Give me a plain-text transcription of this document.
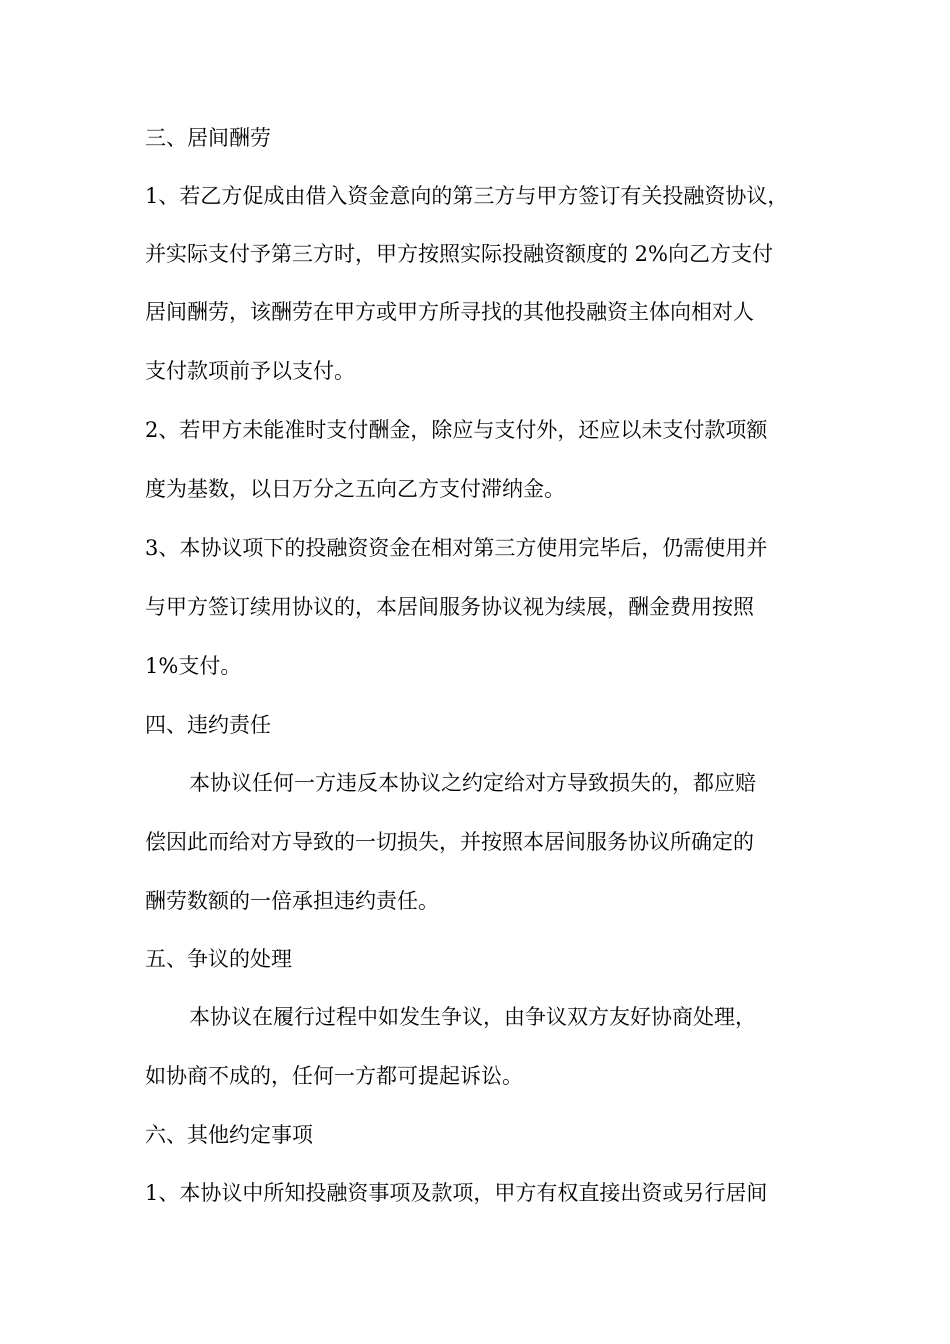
三、居间酬劳
1、若乙方促成由借入资金意向的第三方与甲方签订有关投融资协议，
并实际支付予第三方时，甲方按照实际投融资额度的 2%向乙方支付
居间酬劳，该酬劳在甲方或甲方所寻找的其他投融资主体向相对人
支付款项前予以支付。
2、若甲方未能准时支付酬金，除应与支付外，还应以未支付款项额
度为基数，以日万分之五向乙方支付滞纳金。
3、本协议项下的投融资资金在相对第三方使用完毕后，仍需使用并
与甲方签订续用协议的，本居间服务协议视为续展，酬金费用按照
1%支付。
四、违约责任
本协议任何一方违反本协议之约定给对方导致损失的，都应赔
偿因此而给对方导致的一切损失，并按照本居间服务协议所确定的
酬劳数额的一倍承担违约责任。
五、争议的处理
本协议在履行过程中如发生争议，由争议双方友好协商处理，
如协商不成的，任何一方都可提起诉讼。
六、其他约定事项
1、本协议中所知投融资事项及款项，甲方有权直接出资或另行居间
